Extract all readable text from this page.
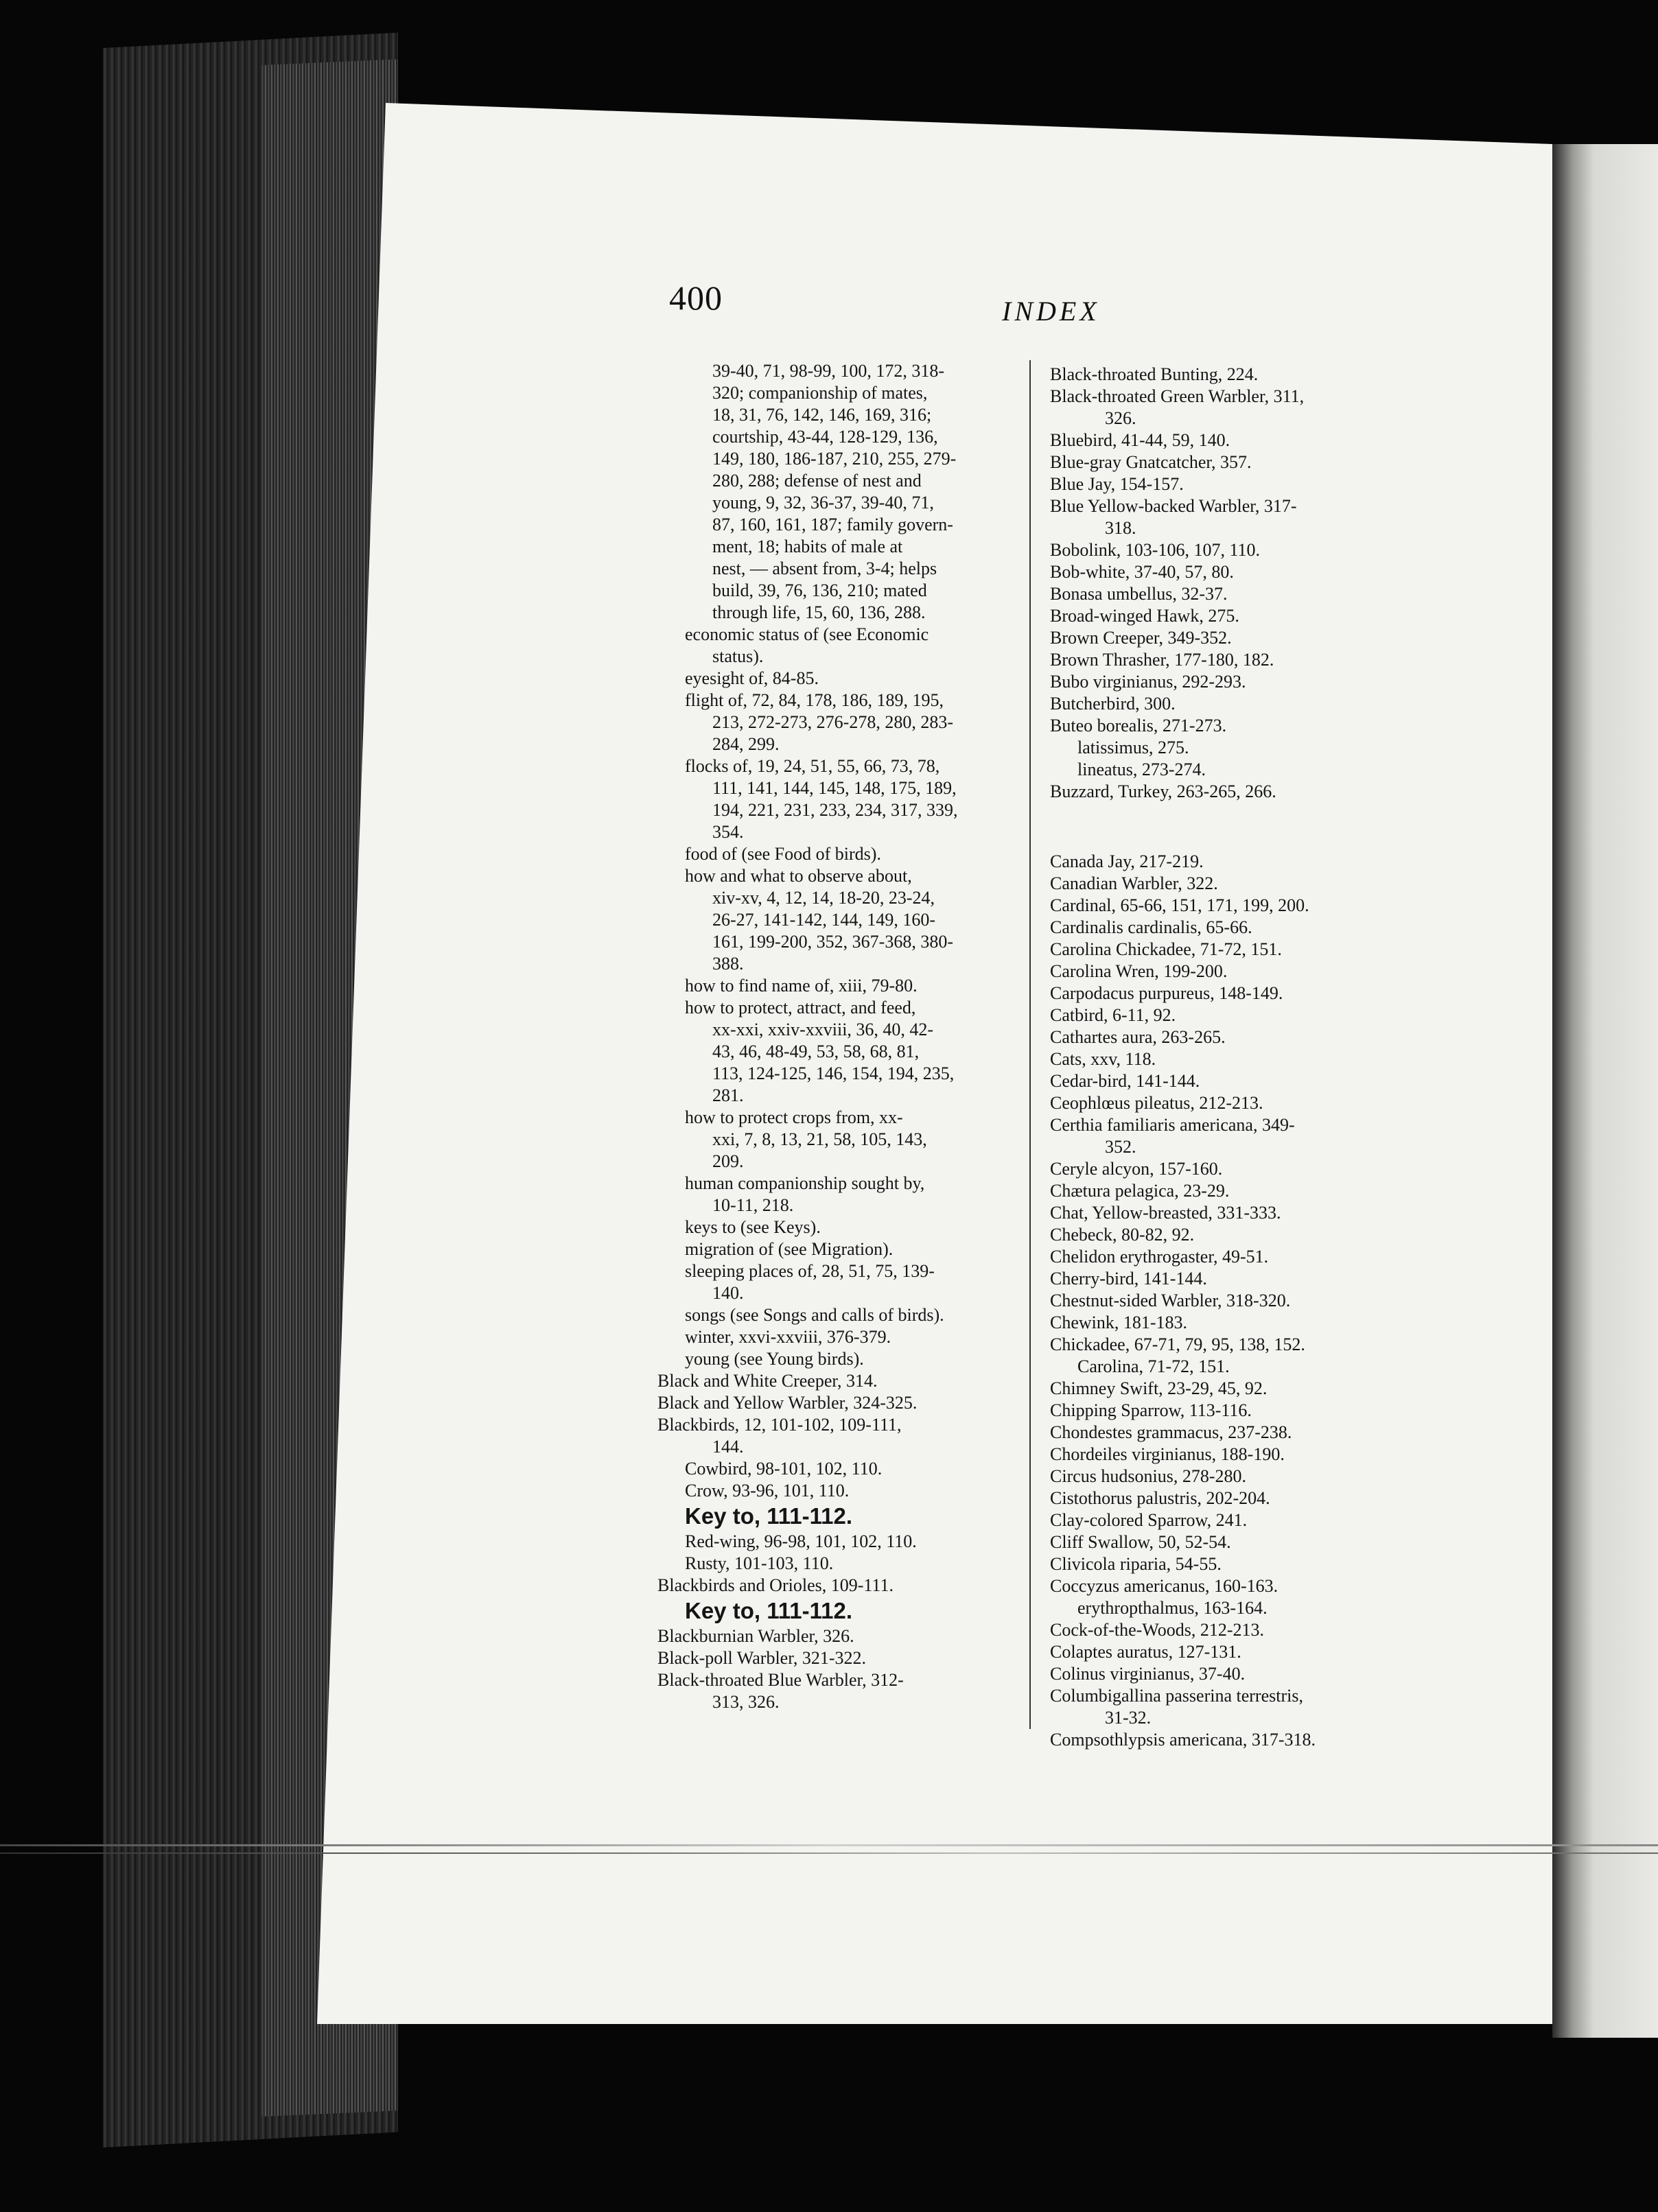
400	INDEX

39-40, 71, 98-99, 100, 172, 318-

320; companionship of mates,

18, 31, 76, 142, 146, 169, 316;

courtship, 43-44, 128-129, 136,

149, 180, 186-187, 210, 255, 279-

280, 288; defense of nest and

young, 9, 32, 36-37, 39-40, 71,

87, 160, 161, 187; family govern-

ment, 18; habits of male at

nest, — absent from, 3-4; helps

build, 39, 76, 136, 210; mated

through life, 15, 60, 136, 288.

economic status of (see Economic

status).

eyesight of, 84-85.

flight of, 72, 84, 178, 186, 189, 195,

213, 272-273, 276-278, 280, 283-

284, 299.

flocks of, 19, 24, 51, 55, 66, 73, 78,

111, 141, 144, 145, 148, 175, 189,

194, 221, 231, 233, 234, 317, 339,

354.

food of (see Food of birds).

how and what to observe about,

xiv-xv, 4, 12, 14, 18-20, 23-24,

26-27, 141-142, 144, 149, 160-

161, 199-200, 352, 367-368, 380-

388.

how to find name of, xiii, 79-80.

how to protect, attract, and feed,

xx-xxi, xxiv-xxviii, 36, 40, 42-

43, 46, 48-49, 53, 58, 68, 81,

113, 124-125, 146, 154, 194, 235,

281.

how to protect crops from, xx-

xxi, 7, 8, 13, 21, 58, 105, 143,

209.

human companionship sought by,

10-11, 218.

keys to (see Keys).

migration of (see Migration).

sleeping places of, 28, 51, 75, 139-

140.

songs (see Songs and calls of birds).

winter, xxvi-xxviii, 376-379.

young (see Young birds).

Black and White Creeper, 314.

Black and Yellow Warbler, 324-325.

Blackbirds, 12, 101-102, 109-111,

144.

Cowbird, 98-101, 102, 110.

Crow, 93-96, 101, 110.

Key to, 111-112.

Red-wing, 96-98, 101, 102, 110.

Rusty, 101-103, 110.

Blackbirds and Orioles, 109-111.

Key to, 111-112.

Blackburnian Warbler, 326.

Black-poll Warbler, 321-322.

Black-throated Blue Warbler, 312-

313, 326.

Black-throated Bunting, 224.

Black-throated Green Warbler, 311,

326.

Bluebird, 41-44, 59, 140.

Blue-gray Gnatcatcher, 357.

Blue Jay, 154-157.

Blue Yellow-backed Warbler, 317-

318.

Bobolink, 103-106, 107, 110.

Bob-white, 37-40, 57, 80.

Bonasa umbellus, 32-37.

Broad-winged Hawk, 275.

Brown Creeper, 349-352.

Brown Thrasher, 177-180, 182.

Bubo virginianus, 292-293.

Butcherbird, 300.

Buteo borealis, 271-273.

latissimus, 275.

lineatus, 273-274.

Buzzard, Turkey, 263-265, 266.

Canada Jay, 217-219.

Canadian Warbler, 322.

Cardinal, 65-66, 151, 171, 199, 200.

Cardinalis cardinalis, 65-66.

Carolina Chickadee, 71-72, 151.

Carolina Wren, 199-200.

Carpodacus purpureus, 148-149.

Catbird, 6-11, 92.

Cathartes aura, 263-265.

Cats, xxv, 118.

Cedar-bird, 141-144.

Ceophlœus pileatus, 212-213.

Certhia familiaris americana, 349-

352.

Ceryle alcyon, 157-160.

Chætura pelagica, 23-29.

Chat, Yellow-breasted, 331-333.

Chebeck, 80-82, 92.

Chelidon erythrogaster, 49-51.

Cherry-bird, 141-144.

Chestnut-sided Warbler, 318-320.

Chewink, 181-183.

Chickadee, 67-71, 79, 95, 138, 152.

Carolina, 71-72, 151.

Chimney Swift, 23-29, 45, 92.

Chipping Sparrow, 113-116.

Chondestes grammacus, 237-238.

Chordeiles virginianus, 188-190.

Circus hudsonius, 278-280.

Cistothorus palustris, 202-204.

Clay-colored Sparrow, 241.

Cliff Swallow, 50, 52-54.

Clivicola riparia, 54-55.

Coccyzus americanus, 160-163.

erythropthalmus, 163-164.

Cock-of-the-Woods, 212-213.

Colaptes auratus, 127-131.

Colinus virginianus, 37-40.

Columbigallina passerina terrestris,

31-32.

Compsothlypsis americana, 317-318.
